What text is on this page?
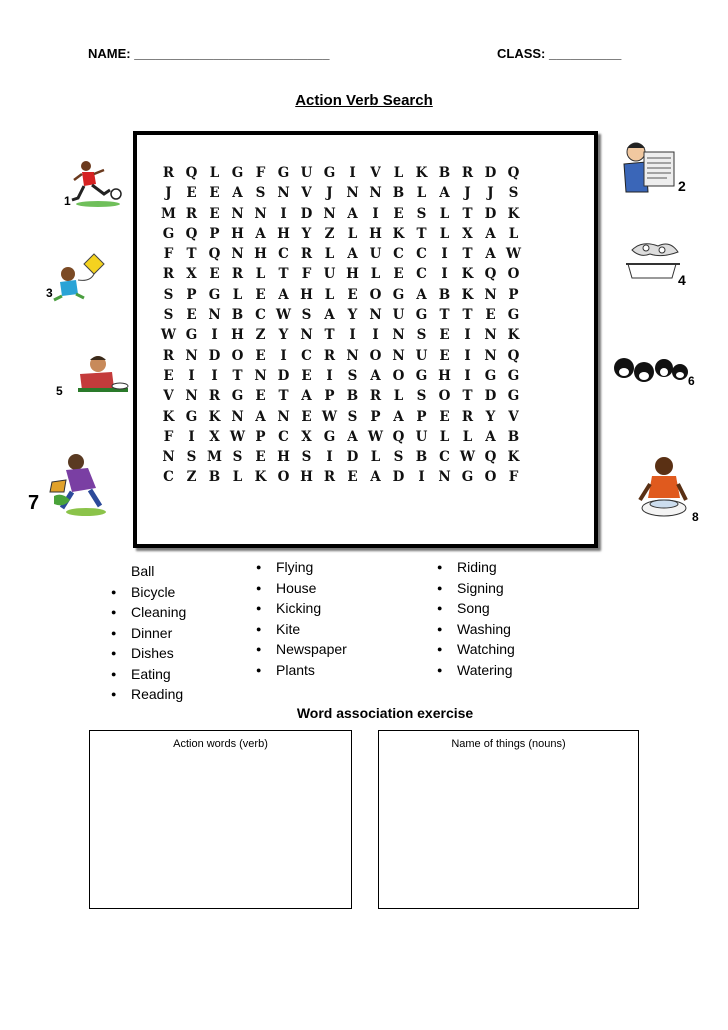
NAME: ___________________________	CLASS: __________
Action Verb Search
R Q L G F G U G	I	V L K B R D Q
J	E E A S N V	J	N N B L A	J	J	S
M R E N N	I	D N A	I	E S L T D K
G Q P H A H Y Z L H K T L X A L
F T Q N H C R L A U C C	I	T A W
R X E R L T F U H L E C	I	K Q O
S P G L E A H L E O G A B K N P
S E N B C W S A Y N U G T T E G
W G	I H Z Y N T	I	I	N S E	I	N K
R N D O E	I	C R N O N U E	I	N Q
E	I	I	T N D E	I	S A O G H I	G G
V N R G E T A P B R L S O T D G
K G K N A N E W S P A P E R Y V
F	I	X W P C X G A W Q U L	L A B
N S M S E H S	I	D L S B C W Q K
C Z B L K O H R E A D	I	N G O F
1
2
3
4
5
6
7
8
Ball
● Bicycle
● Cleaning
● Dinner
● Dishes
● Eating
● Reading
● Flying
● House
● Kicking
● Kite
● Newspaper
● Plants
● Riding
● Signing
● Song
● Washing
● Watching
● Watering
Word association exercise
Action words (verb)	Name of things (nouns)
